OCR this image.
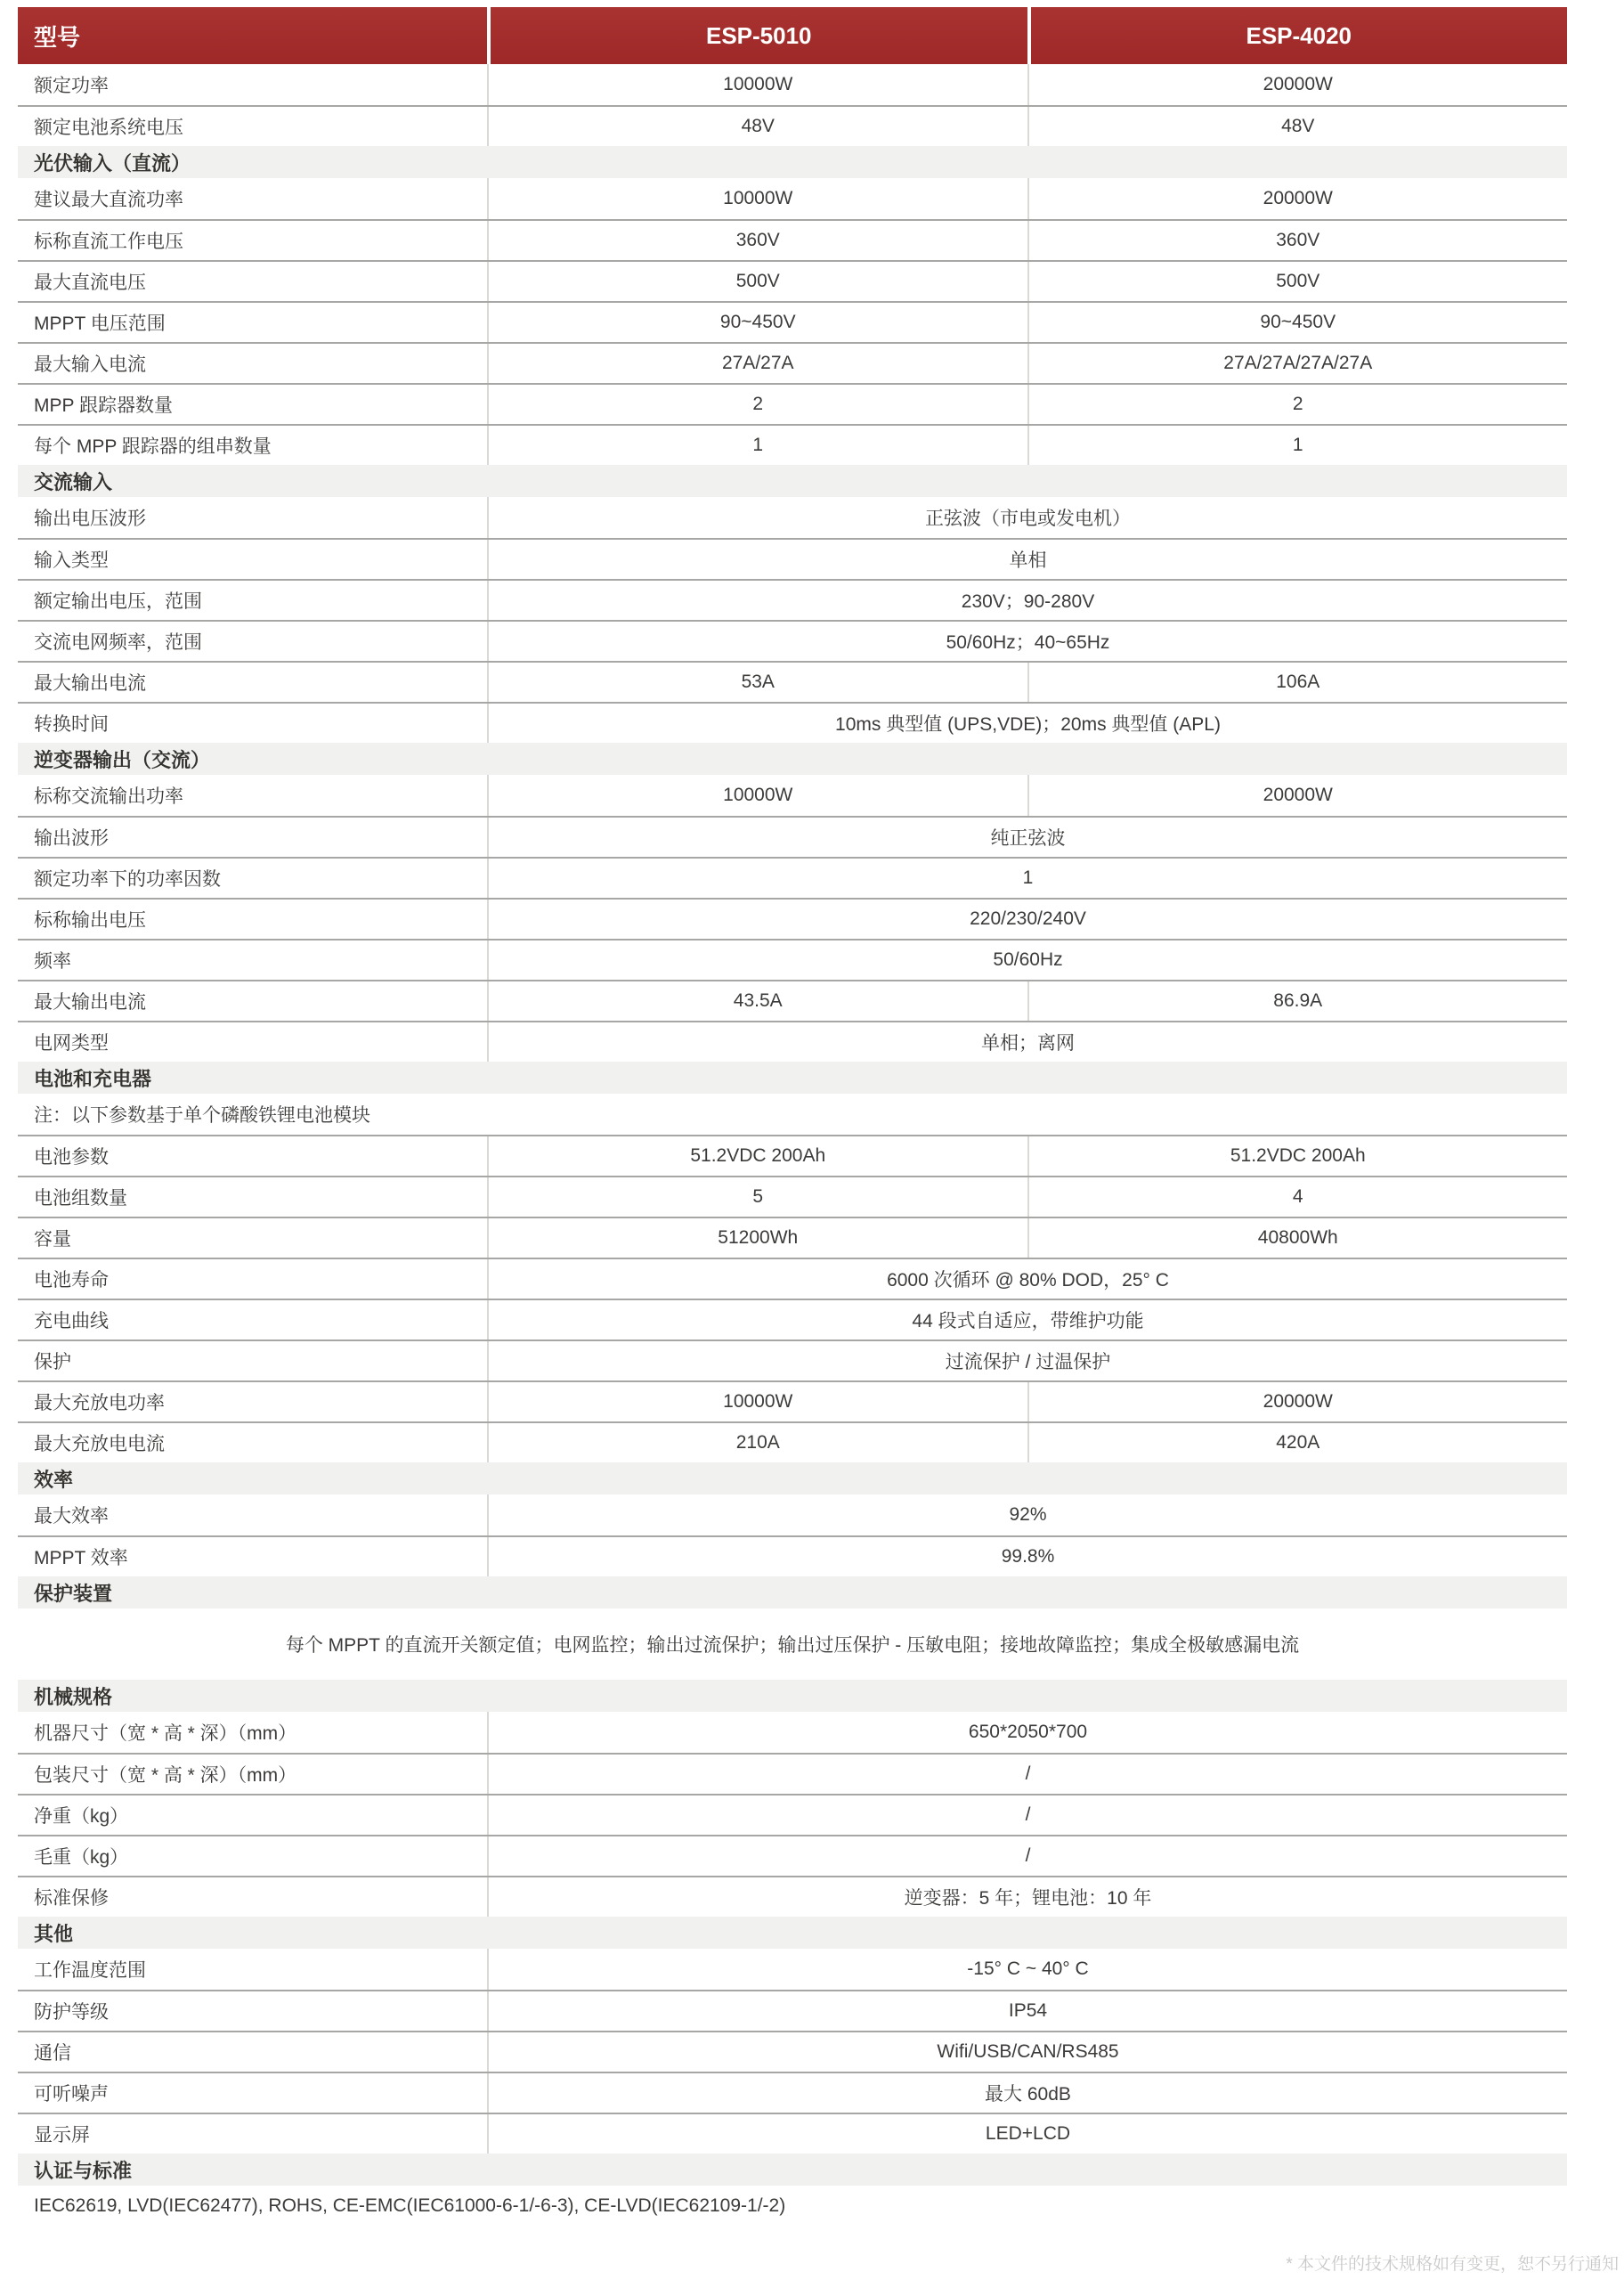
型号	ESP-5010	ESP-4020
额定功率	10000W	20000W
额定电池系统电压	48V	48V
光伏输入（直流）
建议最大直流功率	10000W	20000W
标称直流工作电压	360V	360V
最大直流电压	500V	500V
MPPT 电压范围	90~450V	90~450V
最大输入电流	27A/27A	27A/27A/27A/27A
MPP 跟踪器数量	2	2
每个 MPP 跟踪器的组串数量	1	1
交流输入
输出电压波形	正弦波（市电或发电机）
输入类型	单相
额定输出电压，范围	230V；90-280V
交流电网频率，范围	50/60Hz；40~65Hz
最大输出电流	53A	106A
转换时间	10ms 典型值 (UPS,VDE)；20ms 典型值 (APL)
逆变器输出（交流）
标称交流输出功率	10000W	20000W
输出波形	纯正弦波
额定功率下的功率因数	1
标称输出电压	220/230/240V
频率	50/60Hz
最大输出电流	43.5A	86.9A
电网类型	单相；离网
电池和充电器
注：以下参数基于单个磷酸铁锂电池模块
电池参数	51.2VDC 200Ah	51.2VDC 200Ah
电池组数量	5	4
容量	51200Wh	40800Wh
电池寿命	6000 次循环 @ 80% DOD，25° C
充电曲线	44 段式自适应，带维护功能
保护	过流保护 / 过温保护
最大充放电功率	10000W	20000W
最大充放电电流	210A	420A
效率
最大效率	92%
MPPT 效率	99.8%
保护装置
每个 MPPT 的直流开关额定值；电网监控；输出过流保护；输出过压保护 - 压敏电阻；接地故障监控；集成全极敏感漏电流
机械规格
机器尺寸（宽 * 高 * 深）（mm）	650*2050*700
包装尺寸（宽 * 高 * 深）（mm）	/
净重（kg）	/
毛重（kg）	/
标准保修	逆变器：5 年；锂电池：10 年
其他
工作温度范围	-15° C ~ 40° C
防护等级	IP54
通信	Wifi/USB/CAN/RS485
可听噪声	最大 60dB
显示屏	LED+LCD
认证与标准
IEC62619, LVD(IEC62477), ROHS, CE-EMC(IEC61000-6-1/-6-3), CE-LVD(IEC62109-1/-2)
* 本文件的技术规格如有变更，恕不另行通知
